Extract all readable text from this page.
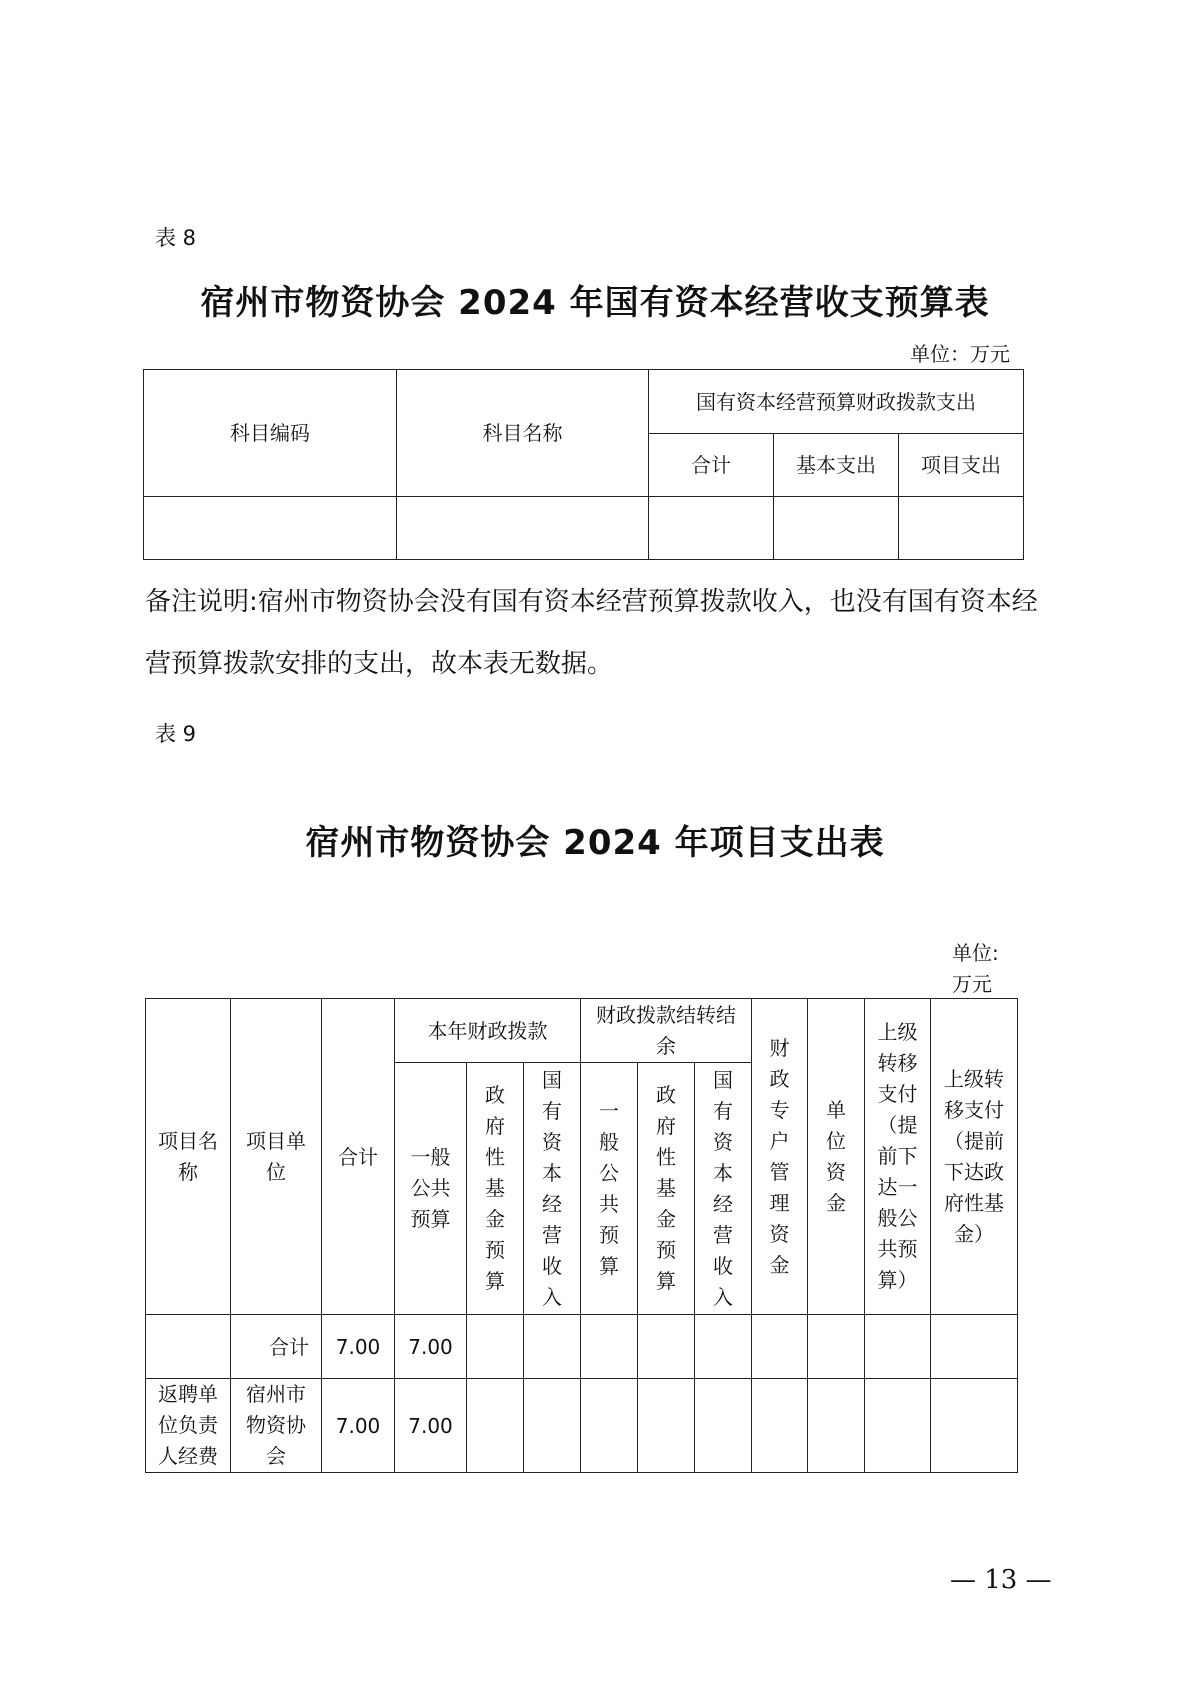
表 8
宿州市物资协会 2024 年国有资本经营收支预算表
单位：万元
科目编码	科目名称	国有资本经营预算财政拨款支出		
		合计	基本支出	项目支出

备注说明:宿州市物资协会没有国有资本经营预算拨款收入，也没有国有资本经营预算拨款安排的支出，故本表无数据。
表 9
宿州市物资协会 2024 年项目支出表
单位:
万元
项目名称	项目单位	合计	本年财政拨款			财政拨款结转结余			财政专户管理资金	单位资金	上级转移支付（提前下达一般公共预算）	上级转移支付（提前下达政府性基金）
			一般公共预算	政府性基金预算	国有资本经营收入	一般公共预算	政府性基金预算	国有资本经营收入				
	合计	7.00	7.00									
返聘单位负责人经费	宿州市物资协会	7.00	7.00									
— 13 —
